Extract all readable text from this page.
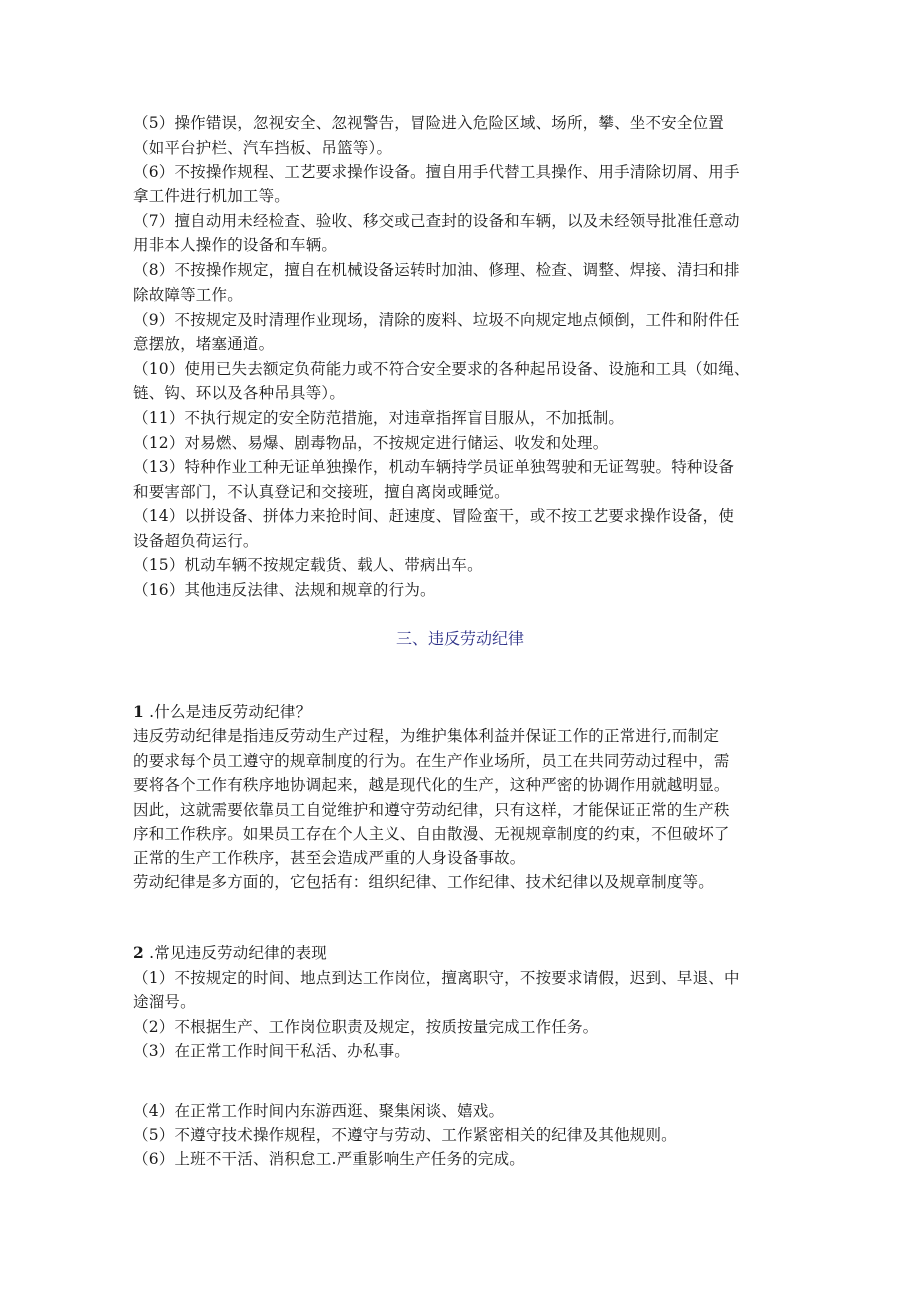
（5）操作错误，忽视安全、忽视警告，冒险进入危险区域、场所，攀、坐不安全位置
（如平台护栏、汽车挡板、吊篮等）。
（6）不按操作规程、工艺要求操作设备。擅自用手代替工具操作、用手清除切屑、用手
拿工件进行机加工等。
（7）擅自动用未经检查、验收、移交或己查封的设备和车辆，以及未经领导批准任意动
用非本人操作的设备和车辆。
（8）不按操作规定，擅自在机械设备运转时加油、修理、检查、调整、焊接、清扫和排
除故障等工作。
（9）不按规定及时清理作业现场，清除的废料、垃圾不向规定地点倾倒，工件和附件任
意摆放，堵塞通道。
（10）使用已失去额定负荷能力或不符合安全要求的各种起吊设备、设施和工具（如绳、
链、钩、环以及各种吊具等）。
（11）不执行规定的安全防范措施，对违章指挥盲目服从，不加抵制。
（12）对易燃、易爆、剧毒物品，不按规定进行储运、收发和处理。
（13）特种作业工种无证单独操作，机动车辆持学员证单独驾驶和无证驾驶。特种设备
和要害部门，不认真登记和交接班，擅自离岗或睡觉。
（14）以拼设备、拼体力来抢时间、赶速度、冒险蛮干，或不按工艺要求操作设备，使
设备超负荷运行。
（15）机动车辆不按规定载货、载人、带病出车。
（16）其他违反法律、法规和规章的行为。
三、违反劳动纪律
1 .什么是违反劳动纪律？
违反劳动纪律是指违反劳动生产过程，为维护集体利益并保证工作的正常进行,而制定
的要求每个员工遵守的规章制度的行为。在生产作业场所，员工在共同劳动过程中，需
要将各个工作有秩序地协调起来，越是现代化的生产，这种严密的协调作用就越明显。
因此，这就需要依靠员工自觉维护和遵守劳动纪律，只有这样，才能保证正常的生产秩
序和工作秩序。如果员工存在个人主义、自由散漫、无视规章制度的约束，不但破坏了
正常的生产工作秩序，甚至会造成严重的人身设备事故。
劳动纪律是多方面的，它包括有：组织纪律、工作纪律、技术纪律以及规章制度等。
2 .常见违反劳动纪律的表现
（1）不按规定的时间、地点到达工作岗位，擅离职守，不按要求请假，迟到、早退、中
途溜号。
（2）不根据生产、工作岗位职责及规定，按质按量完成工作任务。
（3）在正常工作时间干私活、办私事。
（4）在正常工作时间内东游西逛、聚集闲谈、嬉戏。
（5）不遵守技术操作规程，不遵守与劳动、工作紧密相关的纪律及其他规则。
（6）上班不干活、消积怠工.严重影响生产任务的完成。
